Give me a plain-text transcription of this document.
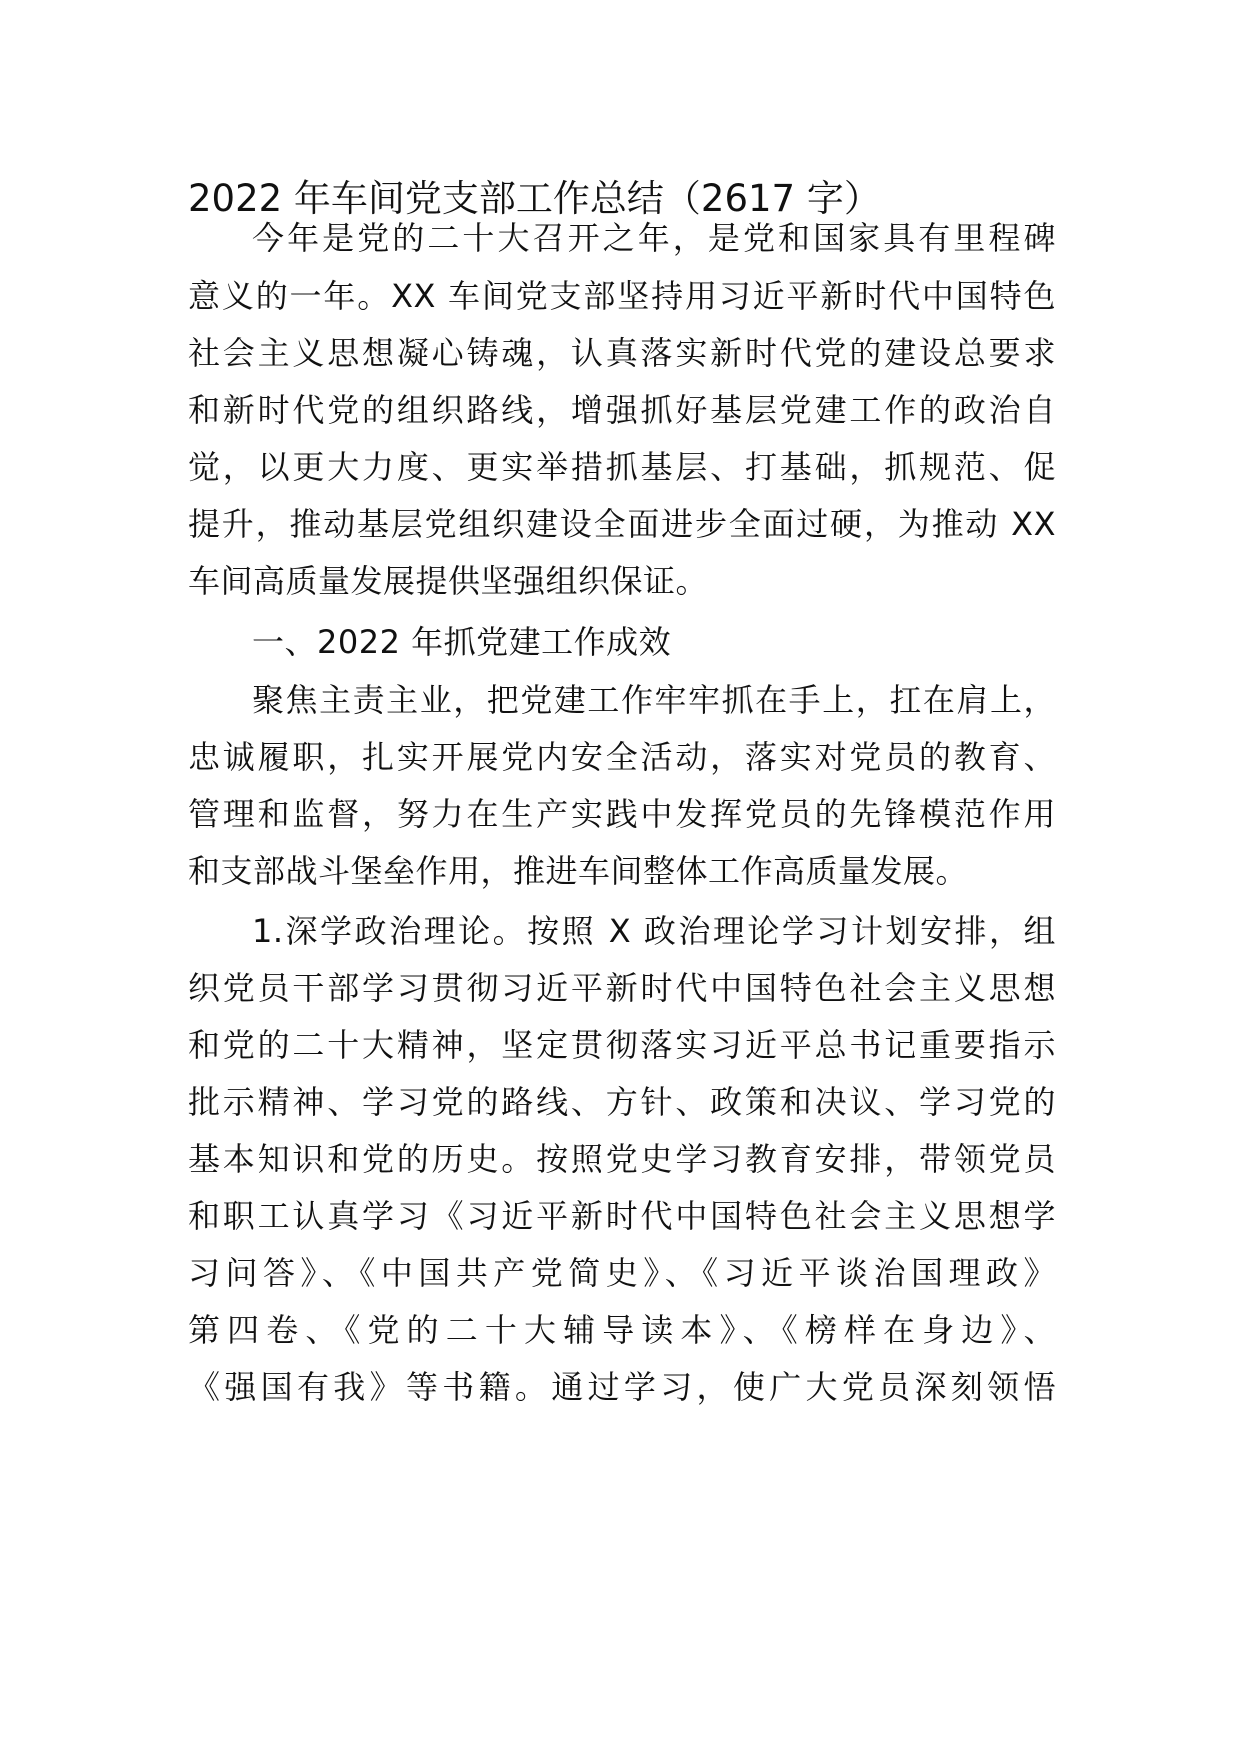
2022 年车间党支部工作总结（2617 字）
今年是党的二十大召开之年，是党和国家具有里程碑
意义的一年。XX 车间党支部坚持用习近平新时代中国特色
社会主义思想凝心铸魂，认真落实新时代党的建设总要求
和新时代党的组织路线，增强抓好基层党建工作的政治自
觉，以更大力度、更实举措抓基层、打基础，抓规范、促
提升，推动基层党组织建设全面进步全面过硬，为推动 XX
车间高质量发展提供坚强组织保证。
一、2022 年抓党建工作成效
聚焦主责主业，把党建工作牢牢抓在手上，扛在肩上，
忠诚履职，扎实开展党内安全活动，落实对党员的教育、
管理和监督，努力在生产实践中发挥党员的先锋模范作用
和支部战斗堡垒作用，推进车间整体工作高质量发展。
1.深学政治理论。按照 X 政治理论学习计划安排，组
织党员干部学习贯彻习近平新时代中国特色社会主义思想
和党的二十大精神，坚定贯彻落实习近平总书记重要指示
批示精神、学习党的路线、方针、政策和决议、学习党的
基本知识和党的历史。按照党史学习教育安排，带领党员
和职工认真学习《习近平新时代中国特色社会主义思想学
习问答》、《中国共产党简史》、《习近平谈治国理政》
第四卷、《党的二十大辅导读本》、《榜样在身边》、
《强国有我》等书籍。通过学习，使广大党员深刻领悟
